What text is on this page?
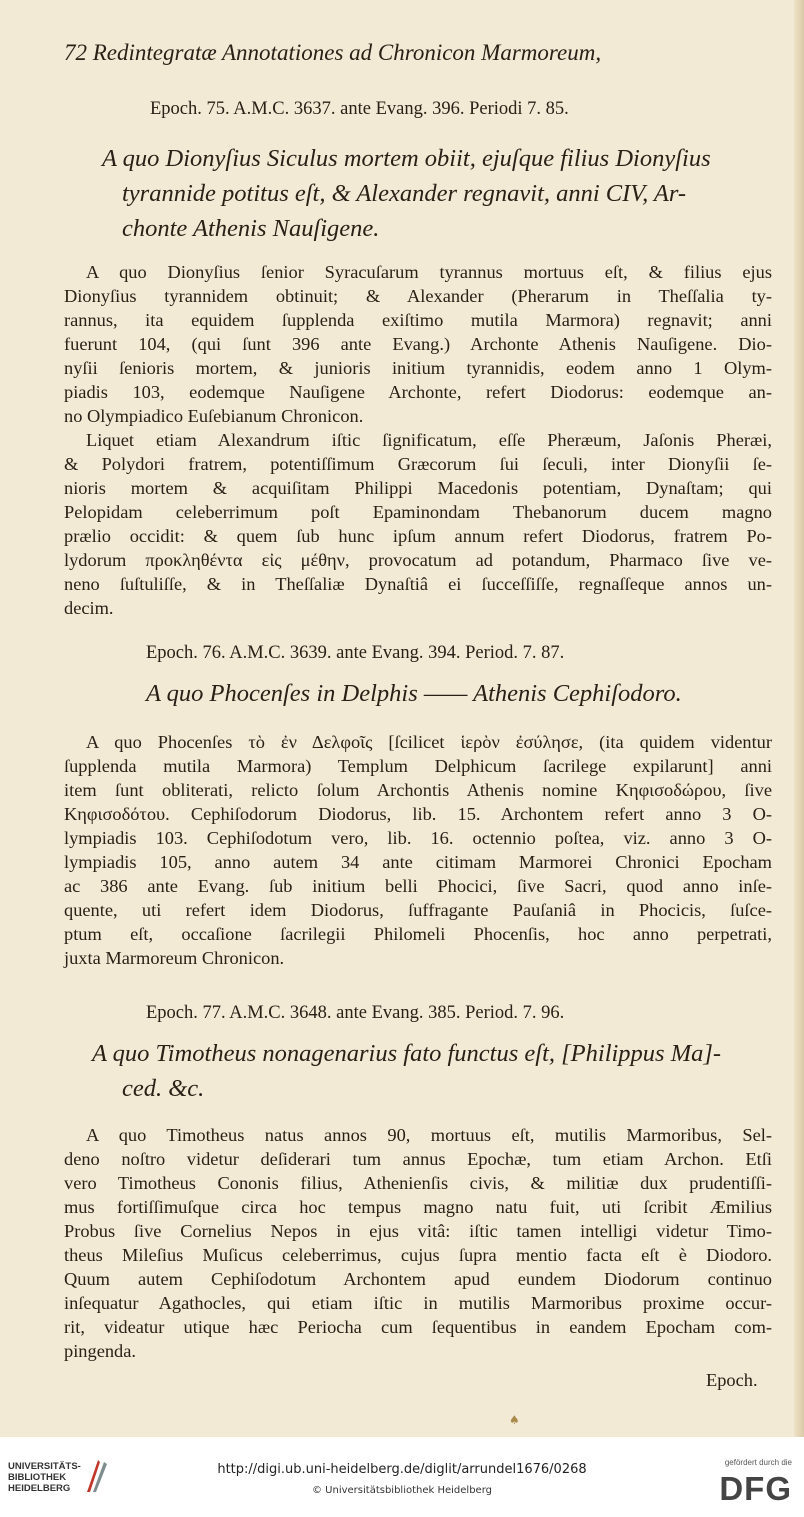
72 Redintegratæ Annotationes ad Chronicon Marmoreum,
Epoch. 75. A.M.C. 3637. ante Evang. 396. Periodi 7. 85.
A quo Dionyſius Siculus mortem obiit, ejuſque filius Dionyſius
tyrannide potitus eſt, & Alexander regnavit, anni CIV, Ar-
chonte Athenis Nauſigene.
A quo Dionyſius ſenior Syracuſarum tyrannus mortuus eſt, & filius ejus
Dionyſius tyrannidem obtinuit; & Alexander (Pherarum in Theſſalia ty-
rannus, ita equidem ſupplenda exiſtimo mutila Marmora) regnavit; anni
fuerunt 104, (qui ſunt 396 ante Evang.) Archonte Athenis Nauſigene. Dio-
nyſii ſenioris mortem, & junioris initium tyrannidis, eodem anno 1 Olym-
piadis 103, eodemque Nauſigene Archonte, refert Diodorus: eodemque an-
no Olympiadico Euſebianum Chronicon.
Liquet etiam Alexandrum iſtic ſignificatum, eſſe Pheræum, Jaſonis Pheræi,
& Polydori fratrem, potentiſſimum Græcorum ſui ſeculi, inter Dionyſii ſe-
nioris mortem & acquiſitam Philippi Macedonis potentiam, Dynaſtam; qui
Pelopidam celeberrimum poſt Epaminondam Thebanorum ducem magno
prælio occidit: & quem ſub hunc ipſum annum refert Diodorus, fratrem Po-
lydorum προκληθέντα εἰς μέθην, provocatum ad potandum, Pharmaco ſive ve-
neno ſuſtuliſſe, & in Theſſaliæ Dynaſtiâ ei ſucceſſiſſe, regnaſſeque annos un-
decim.
Epoch. 76. A.M.C. 3639. ante Evang. 394. Period. 7. 87.
A quo Phocenſes in Delphis —— Athenis Cephiſodoro.
A quo Phocenſes τὸ ἐν Δελφοῖς [ſcilicet ἱερὸν ἐσύλησε, (ita quidem videntur
ſupplenda mutila Marmora) Templum Delphicum ſacrilege expilarunt] anni
item ſunt obliterati, relicto ſolum Archontis Athenis nomine Κηφισοδώρου, ſive
Κηφισοδότου. Cephiſodorum Diodorus, lib. 15. Archontem refert anno 3 O-
lympiadis 103. Cephiſodotum vero, lib. 16. octennio poſtea, viz. anno 3 O-
lympiadis 105, anno autem 34 ante citimam Marmorei Chronici Epocham
ac 386 ante Evang. ſub initium belli Phocici, ſive Sacri, quod anno inſe-
quente, uti refert idem Diodorus, ſuffragante Pauſaniâ in Phocicis, ſuſce-
ptum eſt, occaſione ſacrilegii Philomeli Phocenſis, hoc anno perpetrati,
juxta Marmoreum Chronicon.
Epoch. 77. A.M.C. 3648. ante Evang. 385. Period. 7. 96.
A quo Timotheus nonagenarius fato functus eſt, [Philippus Ma]-
ced. &c.
A quo Timotheus natus annos 90, mortuus eſt, mutilis Marmoribus, Sel-
deno noſtro videtur deſiderari tum annus Epochæ, tum etiam Archon. Etſi
vero Timotheus Cononis filius, Athenienſis civis, & militiæ dux prudentiſſi-
mus fortiſſimuſque circa hoc tempus magno natu fuit, uti ſcribit Æmilius
Probus ſive Cornelius Nepos in ejus vitâ: iſtic tamen intelligi videtur Timo-
theus Mileſius Muſicus celeberrimus, cujus ſupra mentio facta eſt è Diodoro.
Quum autem Cephiſodotum Archontem apud eundem Diodorum continuo
inſequatur Agathocles, qui etiam iſtic in mutilis Marmoribus proxime occur-
rit, videatur utique hæc Periocha cum ſequentibus in eandem Epocham com-
pingenda.
Epoch.
♠
UNIVERSITÄTS-
BIBLIOTHEK
HEIDELBERG
http://digi.ub.uni-heidelberg.de/diglit/arrundel1676/0268
© Universitätsbibliothek Heidelberg
gefördert durch die
DFG
